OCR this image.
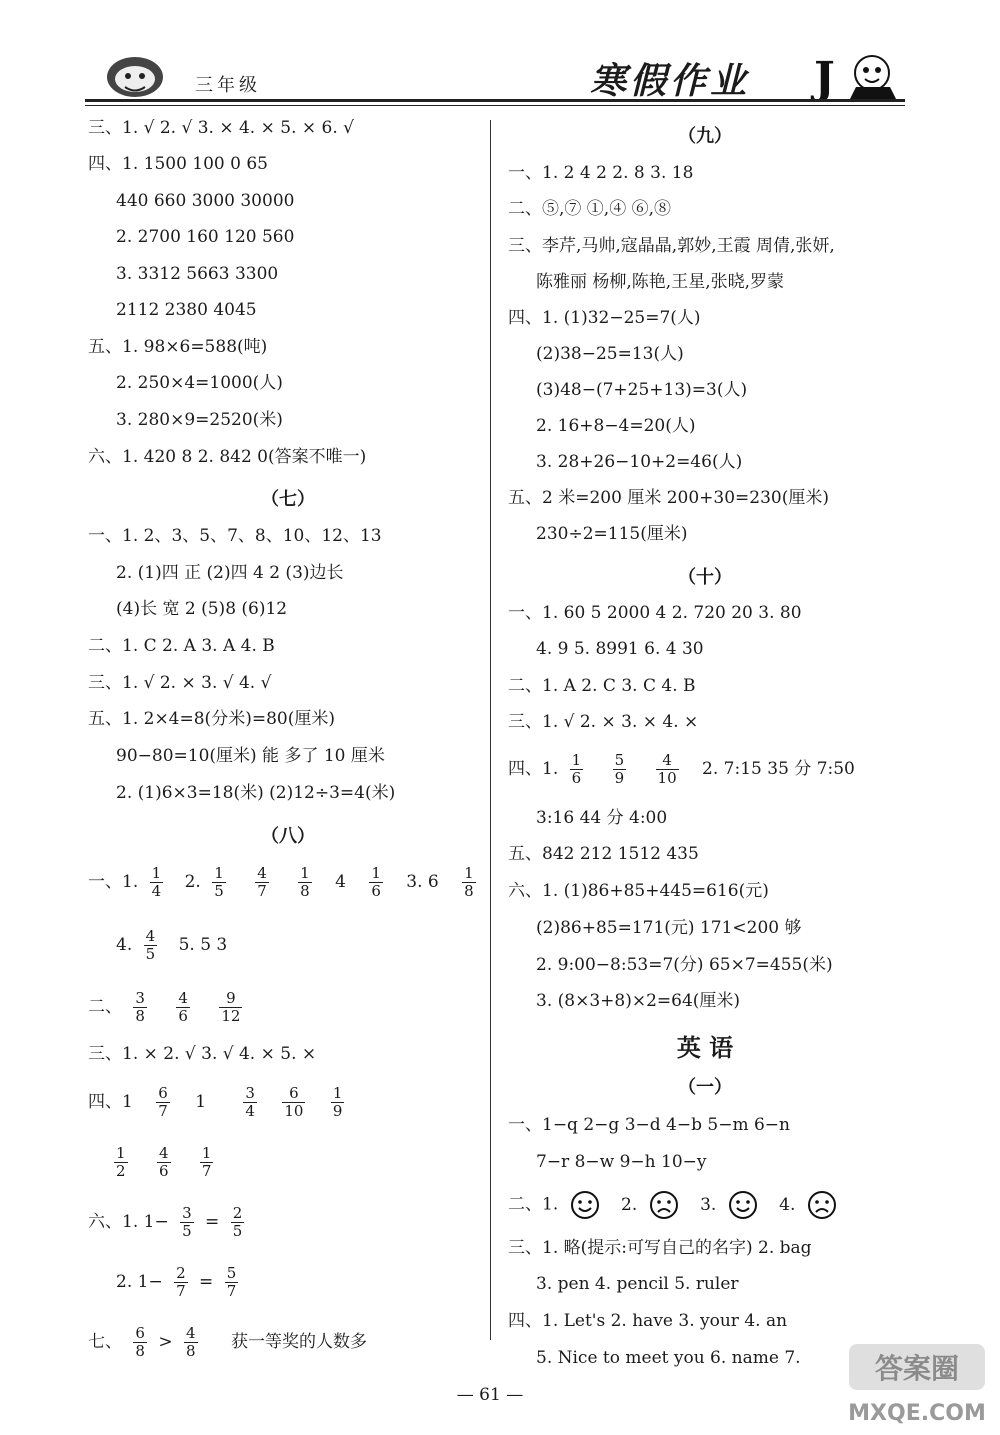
三年级	寒假作业 J
三、1. √ 2. √ 3. × 4. × 5. × 6. √
四、1. 1500 100 0 65
440 660 3000 30000
2. 2700 160 120 560
3. 3312 5663 3300
2112 2380 4045
五、1. 98×6=588(吨)
2. 250×4=1000(人)
3. 280×9=2520(米)
六、1. 420 8 2. 842 0(答案不唯一)
（七）
一、1. 2、3、5、7、8、10、12、13
2. (1)四 正 (2)四 4 2 (3)边长
(4)长 宽 2 (5)8 (6)12
二、1. C 2. A 3. A 4. B
三、1. √ 2. × 3. √ 4. √
五、1. 2×4=8(分米)=80(厘米)
90−80=10(厘米) 能 多了 10 厘米
2. (1)6×3=18(米) (2)12÷3=4(米)
（八）
一、1. $\frac{1}{4} 2$. $\frac{1}{5}$
$\frac{4}{7}$
$\frac{1}{8} 4 \frac{1}{6} 3$. $6 \frac{1}{8}$
4. $\frac{4}{5} 5$. 5 3
二、 $\frac{3}{8}$
$\frac{4}{6}$
$\frac{9}{12}$
三、1. × 2. √ 3. √ 4. × 5. ×
四、$1 \frac{6}{7} 1 \frac{3}{4}$
$\frac{6}{10}$
$\frac{1}{9}$
$\frac{1}{2}$
$\frac{4}{6}$
$\frac{1}{7}$
六、1. $1- \frac{3}{5} = \frac{2}{5}$
2. $1- \frac{2}{7} = \frac{5}{7}$
七、 $\frac{6}{8} > \frac{4}{8}$ 获一等奖的人数多
（九）
一、1. 2 4 2 2. 8 3. 18
二、⑤,⑦ ①,④ ⑥,⑧
三、李芹,马帅,寇晶晶,郭妙,王霞 周倩,张妍,
陈雅丽 杨柳,陈艳,王星,张晓,罗蒙
四、1. (1)32−25=7(人)
(2)38−25=13(人)
(3)48−(7+25+13)=3(人)
2. 16+8−4=20(人)
3. 28+26−10+2=46(人)
五、2 米=200 厘米 200+30=230(厘米)
230÷2=115(厘米)
（十）
一、1. 60 5 2000 4 2. 720 20 3. 80
4. 9 5. 8991 6. 4 30
二、1. A 2. C 3. C 4. B
三、1. √ 2. × 3. × 4. ×
四、1. $\frac{1}{6}$
$\frac{5}{9}$
$\frac{4}{10} 2$. 7:15 35 分 7:50
3:16 44 分 4:00
五、842 212 1512 435
六、1. (1)86+85+445=616(元)
(2)86+85=171(元) 171<200 够
2. 9:00−8:53=7(分) 65×7=455(米)
3. (8×3+8)×2=64(厘米)
英 语
（一）
一、1−q 2−g 3−d 4−b 5−m 6−n
7−r 8−w 9−h 10−y
二、1.	2.	3.	4.
三、1. 略(提示:可写自己的名字) 2. bag
3. pen 4. pencil 5. ruler
四、1. Let's 2. have 3. your 4. an
5. Nice to meet you 6. name 7.
— 61 —
答案圈
MXQE.COM
